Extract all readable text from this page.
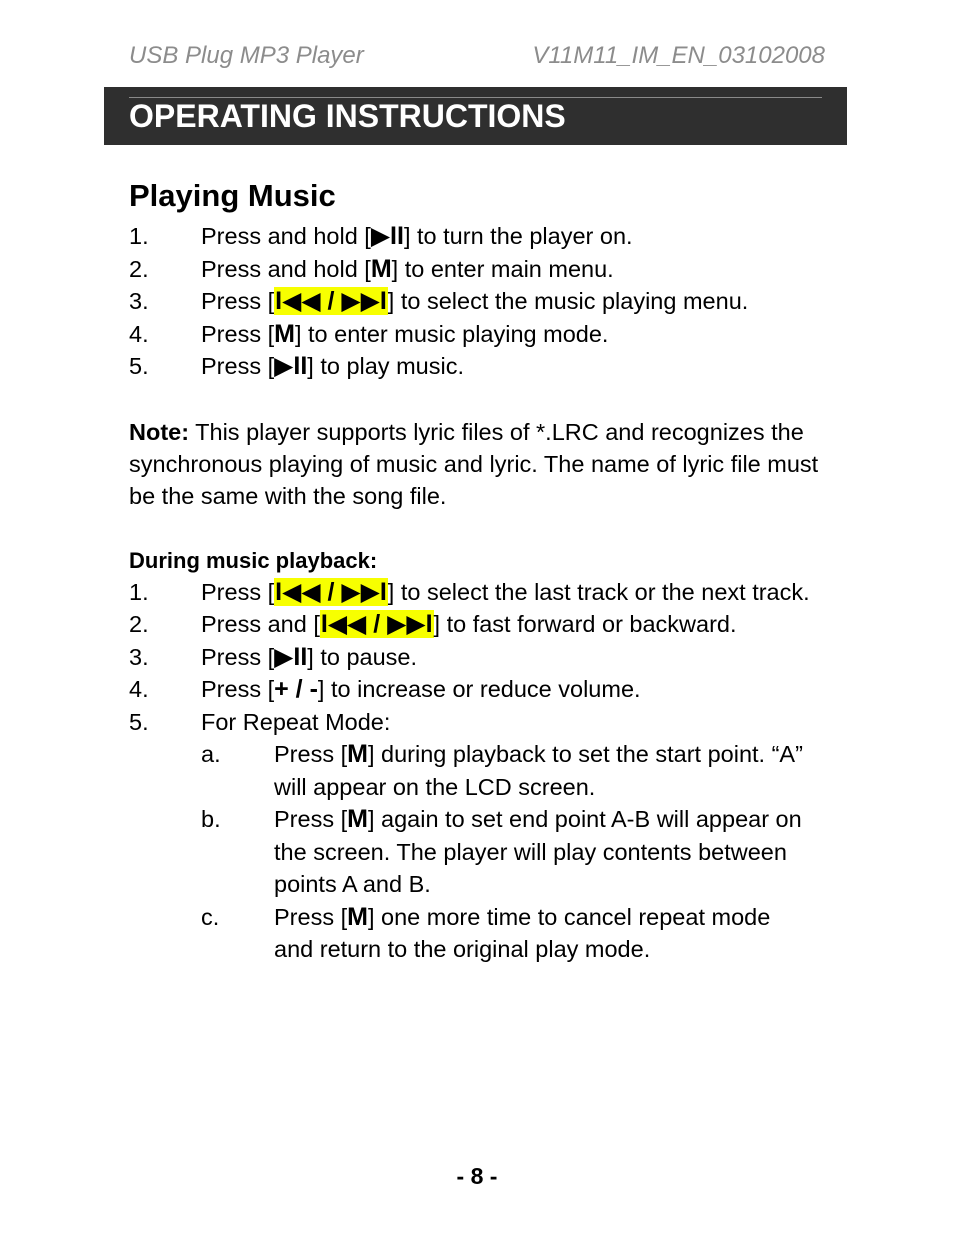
USB Plug MP3 Player	V11M11_IM_EN_03102008
OPERATING INSTRUCTIONS
Playing Music
1. Press and hold [▶II] to turn the player on.
2. Press and hold [M] to enter main menu.
3. Press [I◀◀ / ▶▶I] to select the music playing menu.
4. Press [M] to enter music playing mode.
5. Press [▶II] to play music.
Note: This player supports lyric files of *.LRC and recognizes the synchronous playing of music and lyric. The name of lyric file must be the same with the song file.
During music playback:
1. Press [I◀◀ / ▶▶I] to select the last track or the next track.
2. Press and [I◀◀ / ▶▶I] to fast forward or backward.
3. Press [▶II] to pause.
4. Press [+ / -] to increase or reduce volume.
5. For Repeat Mode:
a. Press [M] during playback to set the start point. “A”
will appear on the LCD screen.
b. Press [M] again to set end point A-B will appear on
the screen. The player will play contents between
points A and B.
c. Press [M] one more time to cancel repeat mode
and return to the original play mode.
- 8 -
